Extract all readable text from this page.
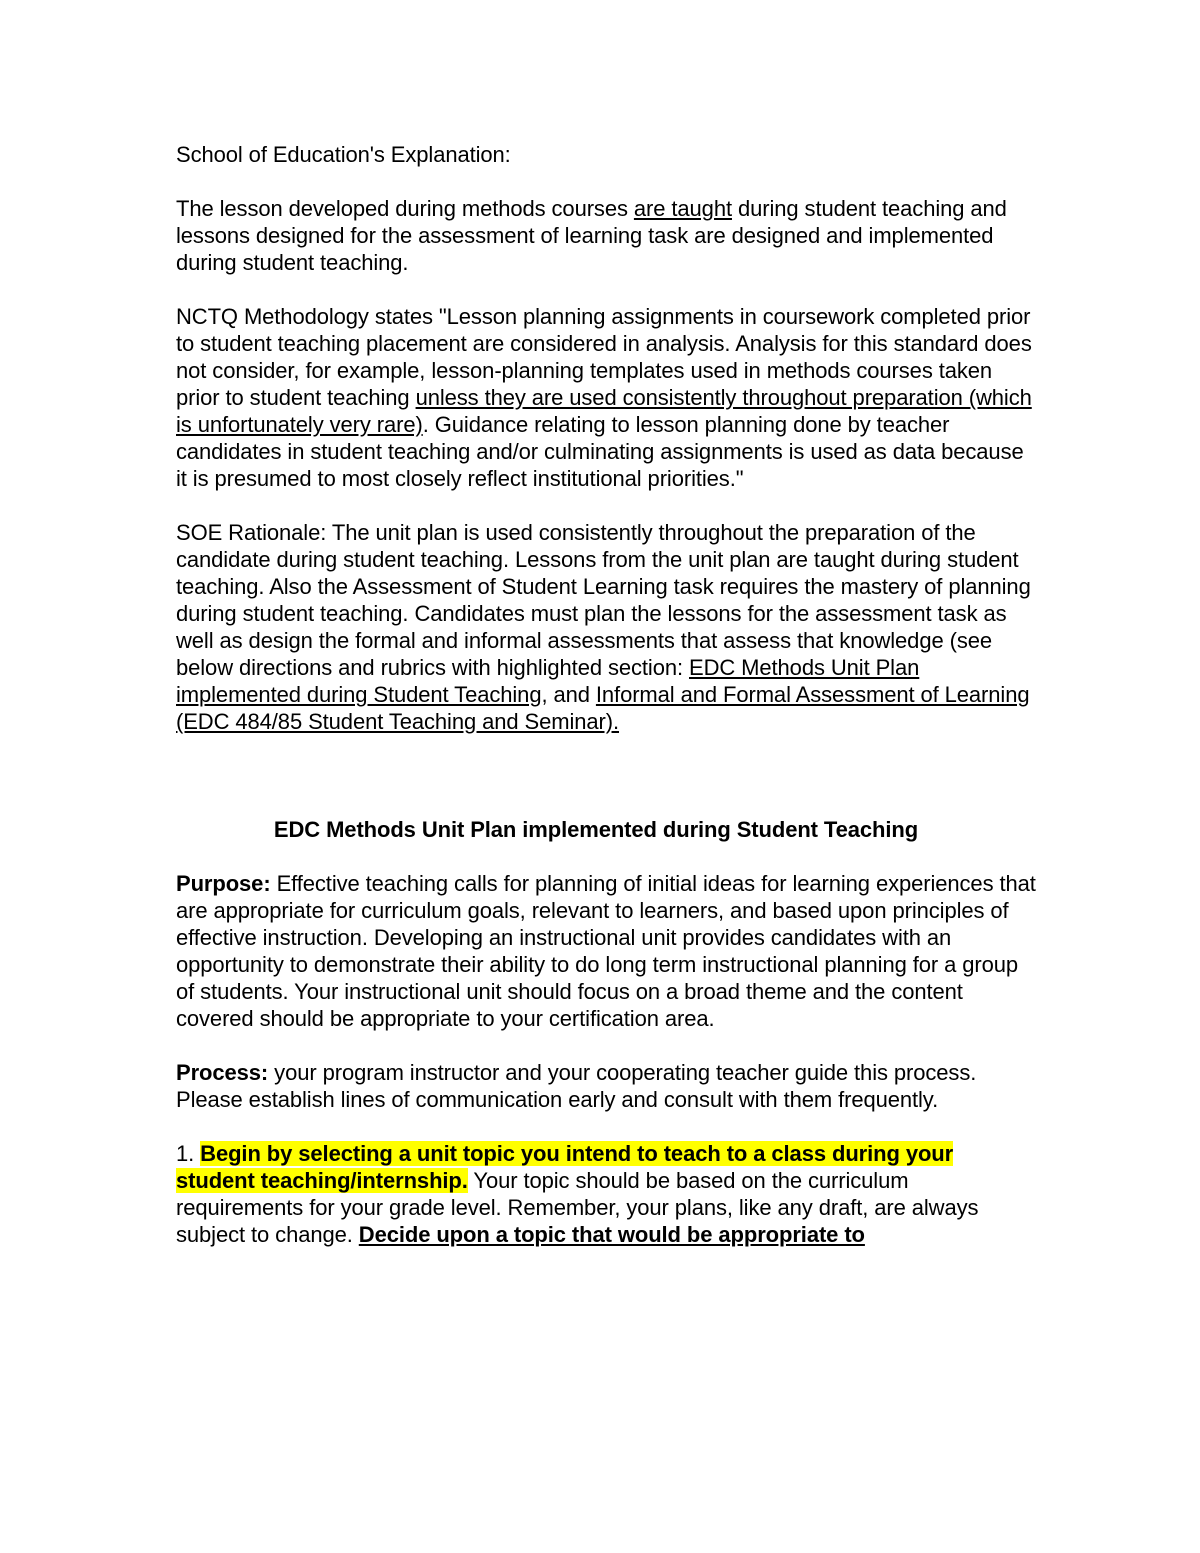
School of Education's Explanation:

The lesson developed during methods courses are taught during student teaching and lessons designed for the assessment of learning task are designed and implemented during student teaching.

NCTQ Methodology states "Lesson planning assignments in coursework completed prior to student teaching placement are considered in analysis. Analysis for this standard does not consider, for example, lesson-planning templates used in methods courses taken prior to student teaching unless they are used consistently throughout preparation (which is unfortunately very rare). Guidance relating to lesson planning done by teacher candidates in student teaching and/or culminating assignments is used as data because it is presumed to most closely reflect institutional priorities."

SOE Rationale: The unit plan is used consistently throughout the preparation of the candidate during student teaching. Lessons from the unit plan are taught during student teaching. Also the Assessment of Student Learning task requires the mastery of planning during student teaching. Candidates must plan the lessons for the assessment task as well as design the formal and informal assessments that assess that knowledge (see below directions and rubrics with highlighted section: EDC Methods Unit Plan implemented during Student Teaching, and Informal and Formal Assessment of Learning (EDC 484/85 Student Teaching and Seminar).

EDC Methods Unit Plan implemented during Student Teaching

Purpose: Effective teaching calls for planning of initial ideas for learning experiences that are appropriate for curriculum goals, relevant to learners, and based upon principles of effective instruction. Developing an instructional unit provides candidates with an opportunity to demonstrate their ability to do long term instructional planning for a group of students. Your instructional unit should focus on a broad theme and the content covered should be appropriate to your certification area.

Process: your program instructor and your cooperating teacher guide this process. Please establish lines of communication early and consult with them frequently.

1. Begin by selecting a unit topic you intend to teach to a class during your student teaching/internship. Your topic should be based on the curriculum requirements for your grade level. Remember, your plans, like any draft, are always subject to change. Decide upon a topic that would be appropriate to
